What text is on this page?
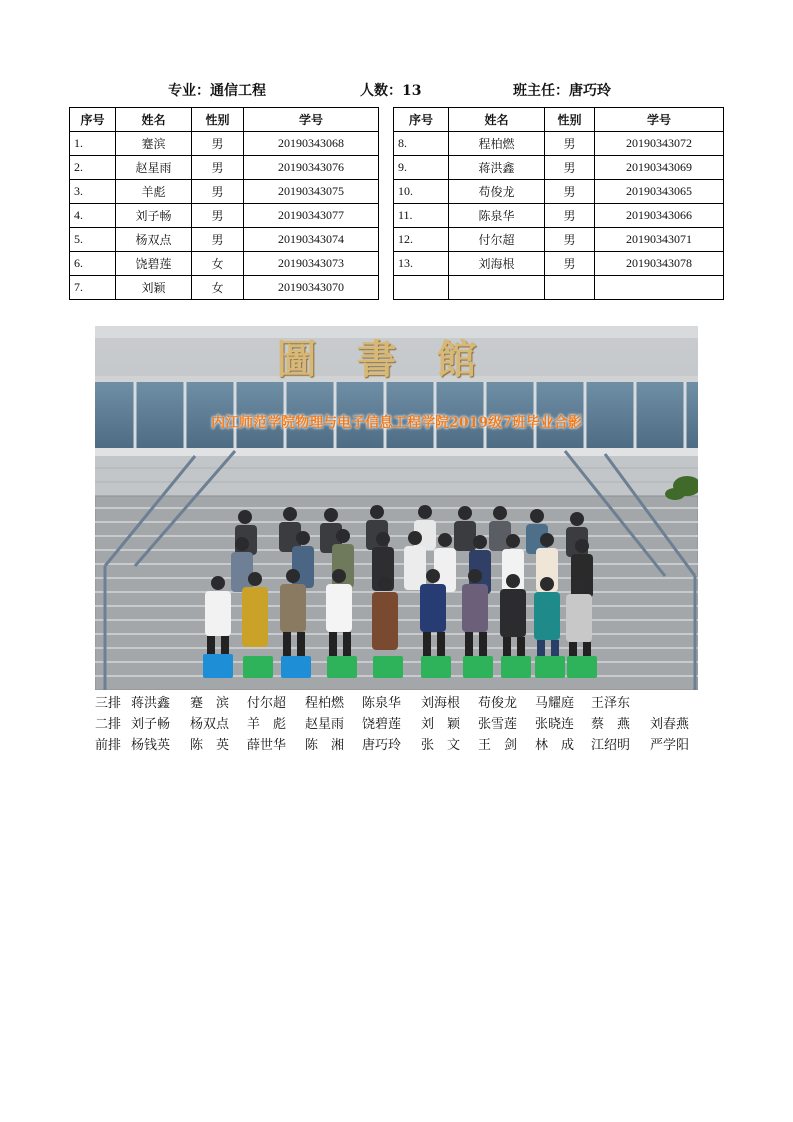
专业：通信工程	人数：13	班主任：唐巧玲
序号	姓名	性别	学号
1.	蹇滨	男	20190343068
2.	赵星雨	男	20190343076
3.	羊彪	男	20190343075
4.	刘子畅	男	20190343077
5.	杨双点	男	20190343074
6.	饶碧莲	女	20190343073
7.	刘颖	女	20190343070
序号	姓名	性别	学号
8.	程柏燃	男	20190343072
9.	蒋洪鑫	男	20190343069
10.	苟俊龙	男	20190343065
11.	陈泉华	男	20190343066
12.	付尔超	男	20190343071
13.	刘海根	男	20190343078

圖書館
内江师范学院物理与电子信息工程学院2019级7班毕业合影
三排 蒋洪鑫 蹇　滨 付尔超 程柏燃 陈泉华 刘海根 苟俊龙 马耀庭 王泽东
二排 刘子畅 杨双点 羊　彪 赵星雨 饶碧莲 刘　颖 张雪莲 张晓连 蔡　燕 刘春燕
前排 杨钱英 陈　英 薛世华 陈　湘 唐巧玲 张　文 王　剑 林　成 江绍明 严学阳
